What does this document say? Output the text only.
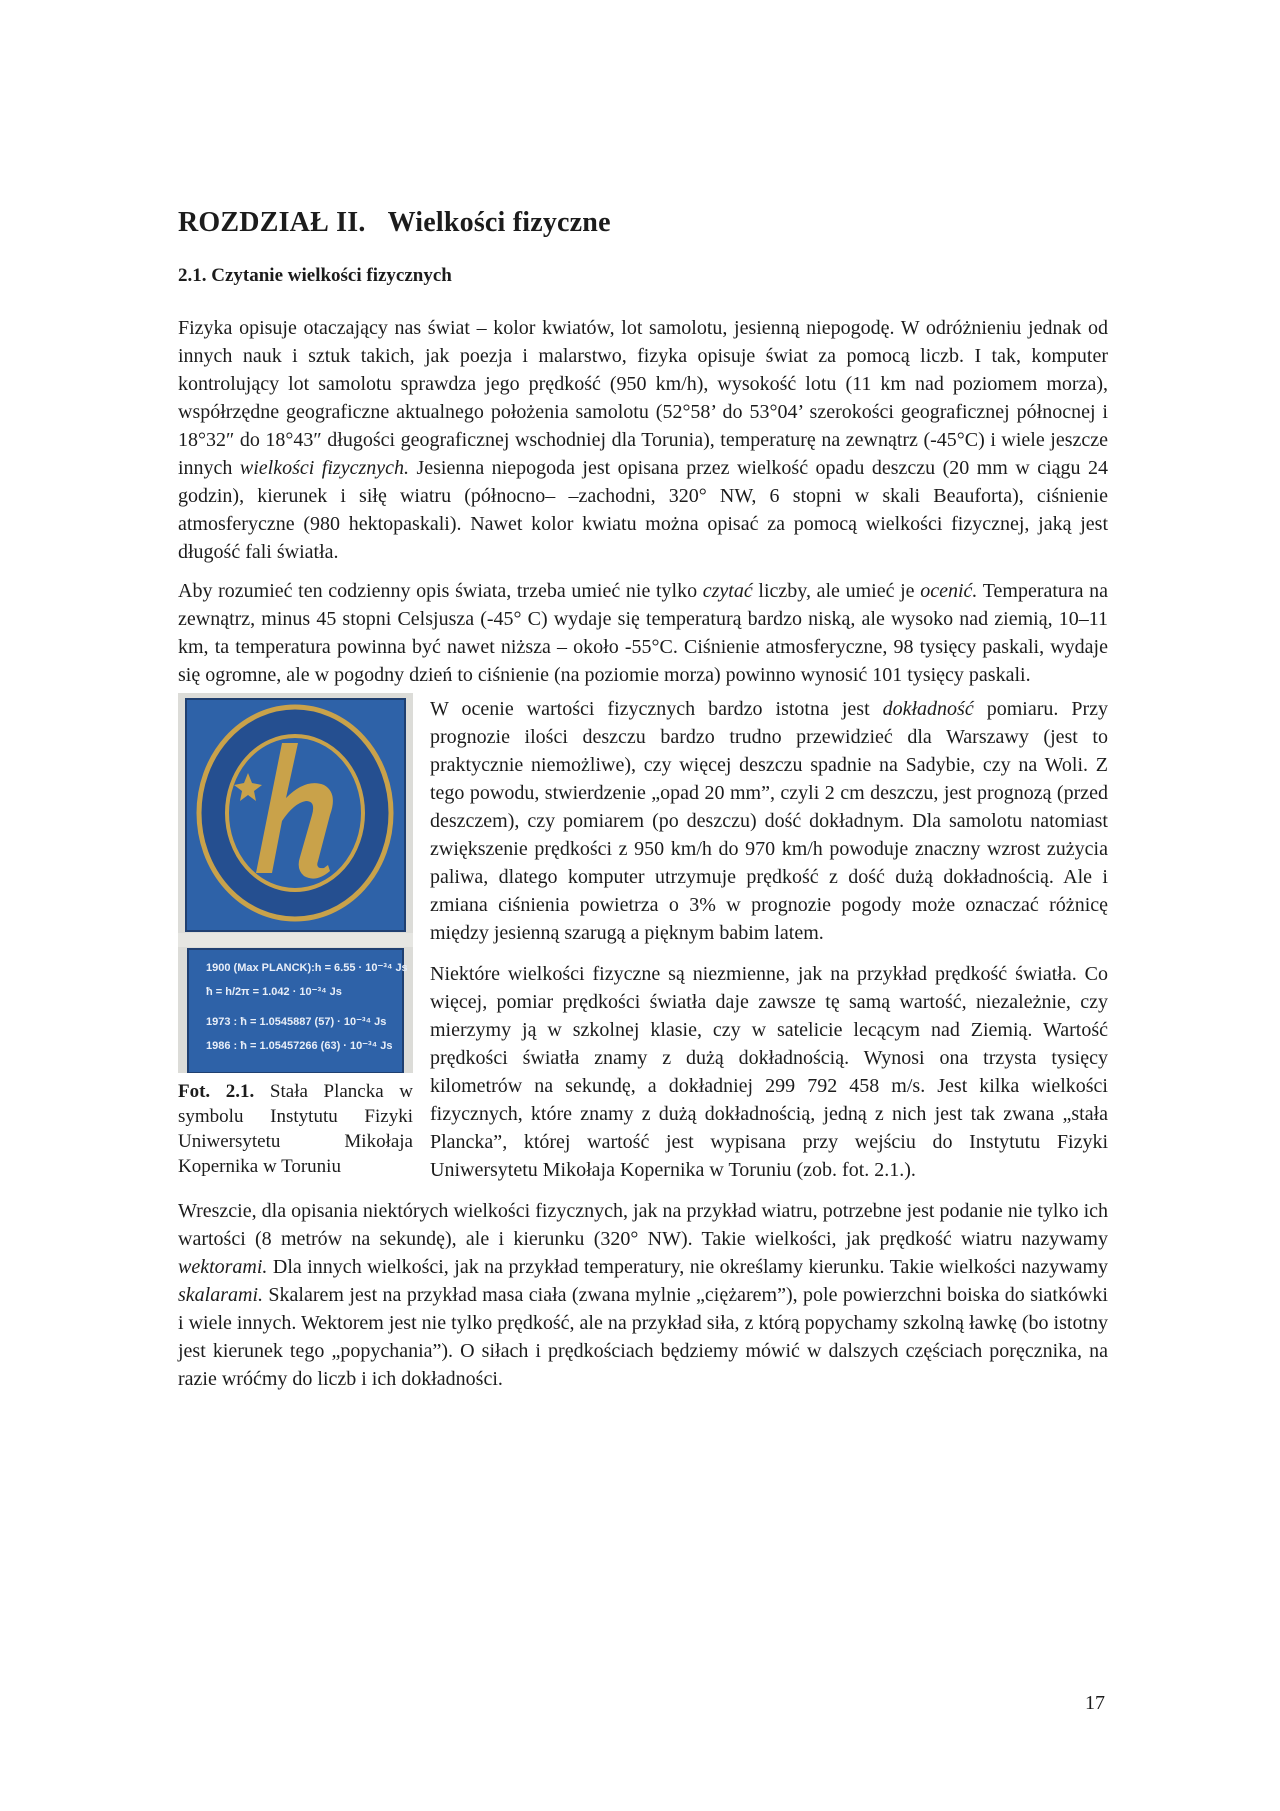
ROZDZIAŁ II. Wielkości fizyczne
2.1. Czytanie wielkości fizycznych

Fizyka opisuje otaczający nas świat – kolor kwiatów, lot samolotu, jesienną niepogodę. W odróżnieniu jednak od innych nauk i sztuk takich, jak poezja i malarstwo, fizyka opisuje świat za pomocą liczb. I tak, komputer kontrolujący lot samolotu sprawdza jego prędkość (950 km/h), wysokość lotu (11 km nad poziomem morza), współrzędne geograficzne aktualnego położenia samolotu (52°58’ do 53°04’ szerokości geograficznej północnej i 18°32″ do 18°43″ długości geograficznej wschodniej dla Torunia), temperaturę na zewnątrz (-45°C) i wiele jeszcze innych wielkości fizycznych. Jesienna niepogoda jest opisana przez wielkość opadu deszczu (20 mm w ciągu 24 godzin), kierunek i siłę wiatru (północno– –zachodni, 320° NW, 6 stopni w skali Beauforta), ciśnienie atmosferyczne (980 hektopaskali). Nawet kolor kwiatu można opisać za pomocą wielkości fizycznej, jaką jest długość fali światła.

Aby rozumieć ten codzienny opis świata, trzeba umieć nie tylko czytać liczby, ale umieć je ocenić. Temperatura na zewnątrz, minus 45 stopni Celsjusza (-45° C) wydaje się temperaturą bardzo niską, ale wysoko nad ziemią, 10–11 km, ta temperatura powinna być nawet niższa – około -55°C. Ciśnienie atmosferyczne, 98 tysięcy paskali, wydaje się ogromne, ale w pogodny dzień to ciśnienie (na poziomie morza) powinno wynosić 101 tysięcy paskali.

1900 (Max PLANCK):h = 6.55 · 10⁻³⁴ Js
ħ = h/2π = 1.042 · 10⁻³⁴ Js
1973 : ħ = 1.0545887 (57) · 10⁻³⁴ Js
1986 : ħ = 1.05457266 (63) · 10⁻³⁴ Js
Fot. 2.1. Stała Plancka w symbolu Instytutu Fizyki Uniwersytetu Mikołaja Kopernika w Toruniu

W ocenie wartości fizycznych bardzo istotna jest dokładność pomiaru. Przy prognozie ilości deszczu bardzo trudno przewidzieć dla Warszawy (jest to praktycznie niemożliwe), czy więcej deszczu spadnie na Sadybie, czy na Woli. Z tego powodu, stwierdzenie „opad 20 mm”, czyli 2 cm deszczu, jest prognozą (przed deszczem), czy pomiarem (po deszczu) dość dokładnym. Dla samolotu natomiast zwiększenie prędkości z 950 km/h do 970 km/h powoduje znaczny wzrost zużycia paliwa, dlatego komputer utrzymuje prędkość z dość dużą dokładnością. Ale i zmiana ciśnienia powietrza o 3% w prognozie pogody może oznaczać różnicę między jesienną szarugą a pięknym babim latem.

Niektóre wielkości fizyczne są niezmienne, jak na przykład prędkość światła. Co więcej, pomiar prędkości światła daje zawsze tę samą wartość, niezależnie, czy mierzymy ją w szkolnej klasie, czy w satelicie lecącym nad Ziemią. Wartość prędkości światła znamy z dużą dokładnością. Wynosi ona trzysta tysięcy kilometrów na sekundę, a dokładniej 299 792 458 m/s. Jest kilka wielkości fizycznych, które znamy z dużą dokładnością, jedną z nich jest tak zwana „stała Plancka”, której wartość jest wypisana przy wejściu do Instytutu Fizyki Uniwersytetu Mikołaja Kopernika w Toruniu (zob. fot. 2.1.).

Wreszcie, dla opisania niektórych wielkości fizycznych, jak na przykład wiatru, potrzebne jest podanie nie tylko ich wartości (8 metrów na sekundę), ale i kierunku (320° NW). Takie wielkości, jak prędkość wiatru nazywamy wektorami. Dla innych wielkości, jak na przykład temperatury, nie określamy kierunku. Takie wielkości nazywamy skalarami. Skalarem jest na przykład masa ciała (zwana mylnie „ciężarem”), pole powierzchni boiska do siatkówki i wiele innych. Wektorem jest nie tylko prędkość, ale na przykład siła, z którą popychamy szkolną ławkę (bo istotny jest kierunek tego „popychania”). O siłach i prędkościach będziemy mówić w dalszych częściach poręcznika, na razie wróćmy do liczb i ich dokładności.

17
